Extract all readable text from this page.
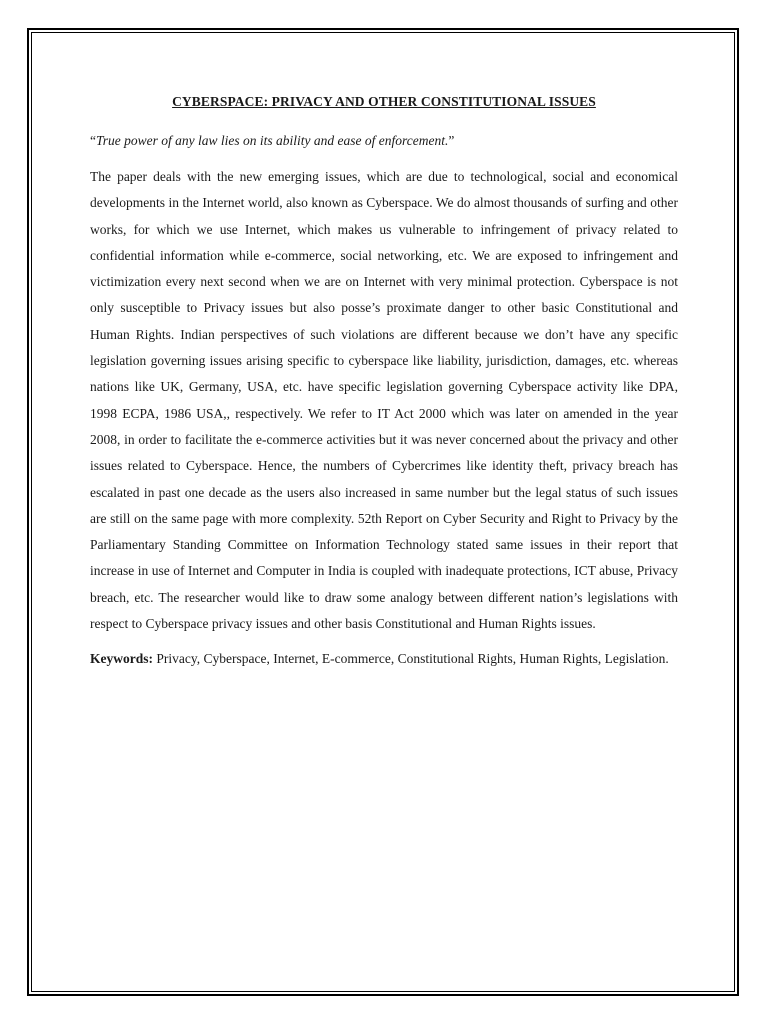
CYBERSPACE: PRIVACY AND OTHER CONSTITUTIONAL ISSUES

“True power of any law lies on its ability and ease of enforcement.”

The paper deals with the new emerging issues, which are due to technological, social and economical developments in the Internet world, also known as Cyberspace. We do almost thousands of surfing and other works, for which we use Internet, which makes us vulnerable to infringement of privacy related to confidential information while e-commerce, social networking, etc. We are exposed to infringement and victimization every next second when we are on Internet with very minimal protection. Cyberspace is not only susceptible to Privacy issues but also posse’s proximate danger to other basic Constitutional and Human Rights. Indian perspectives of such violations are different because we don’t have any specific legislation governing issues arising specific to cyberspace like liability, jurisdiction, damages, etc. whereas nations like UK, Germany, USA, etc. have specific legislation governing Cyberspace activity like DPA, 1998 ECPA, 1986 USA,, respectively. We refer to IT Act 2000 which was later on amended in the year 2008, in order to facilitate the e-commerce activities but it was never concerned about the privacy and other issues related to Cyberspace. Hence, the numbers of Cybercrimes like identity theft, privacy breach has escalated in past one decade as the users also increased in same number but the legal status of such issues are still on the same page with more complexity. 52th Report on Cyber Security and Right to Privacy by the Parliamentary Standing Committee on Information Technology stated same issues in their report that increase in use of Internet and Computer in India is coupled with inadequate protections, ICT abuse, Privacy breach, etc. The researcher would like to draw some analogy between different nation’s legislations with respect to Cyberspace privacy issues and other basis Constitutional and Human Rights issues.

Keywords: Privacy, Cyberspace, Internet, E-commerce, Constitutional Rights, Human Rights, Legislation.
